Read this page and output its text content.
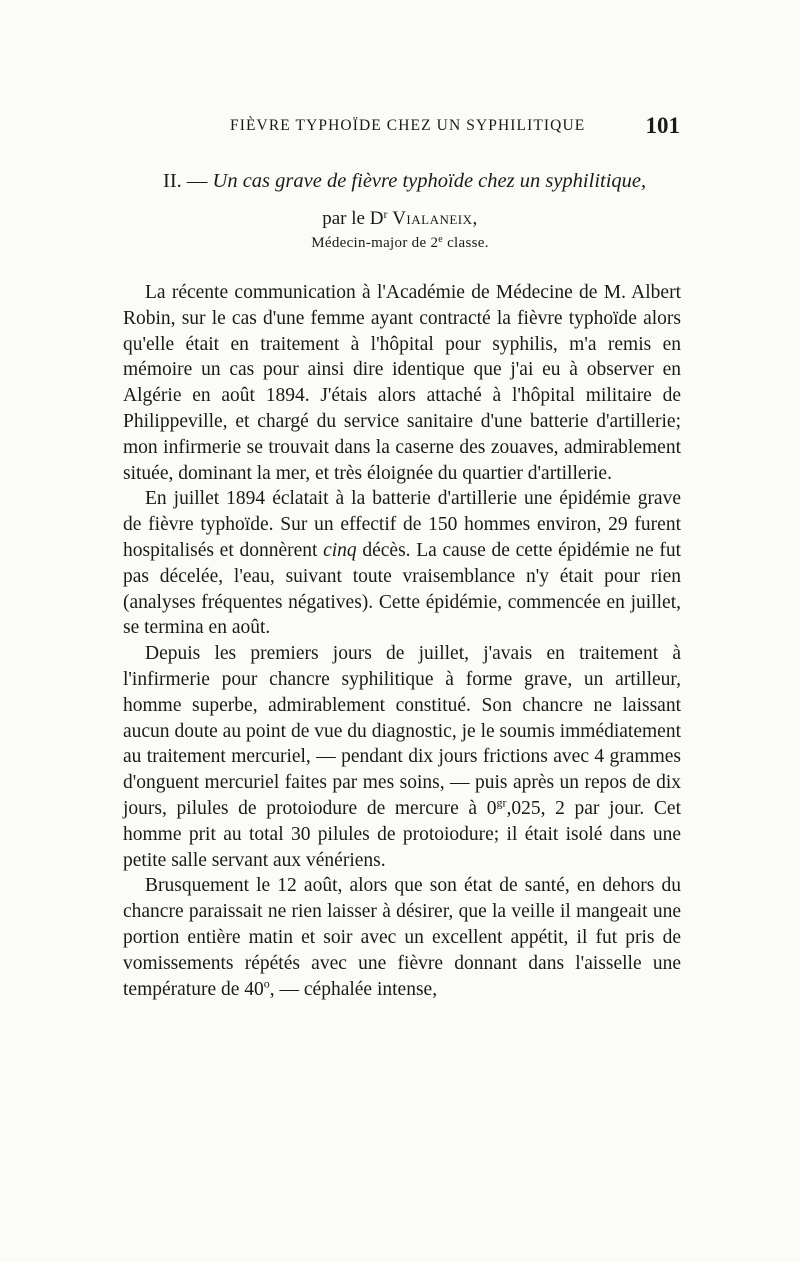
FIÈVRE TYPHOÏDE CHEZ UN SYPHILITIQUE	101
II. — Un cas grave de fièvre typhoïde chez un syphilitique,
par le $D^r$ Vialaneix,
Médecin-major de 2e classe.

La récente communication à l'Académie de Médecine de M. Albert Robin, sur le cas d'une femme ayant contracté la fièvre typhoïde alors qu'elle était en traitement à l'hôpital pour syphilis, m'a remis en mémoire un cas pour ainsi dire identique que j'ai eu à observer en Algérie en août 1894. J'étais alors attaché à l'hôpital militaire de Philippeville, et chargé du service sanitaire d'une batterie d'artillerie; mon infirmerie se trouvait dans la caserne des zouaves, admirablement située, dominant la mer, et très éloignée du quartier d'artillerie.

En juillet 1894 éclatait à la batterie d'artillerie une épidémie grave de fièvre typhoïde. Sur un effectif de 150 hommes environ, 29 furent hospitalisés et donnèrent cinq décès. La cause de cette épidémie ne fut pas décelée, l'eau, suivant toute vraisemblance n'y était pour rien (analyses fréquentes négatives). Cette épidémie, commencée en juillet, se termina en août.

Depuis les premiers jours de juillet, j'avais en traitement à l'infirmerie pour chancre syphilitique à forme grave, un artilleur, homme superbe, admirablement constitué. Son chancre ne laissant aucun doute au point de vue du diagnostic, je le soumis immédiatement au traitement mercuriel, — pendant dix jours frictions avec 4 grammes d'onguent mercuriel faites par mes soins, — puis après un repos de dix jours, pilules de protoiodure de mercure à $0^{gr},025$, 2 par jour. Cet homme prit au total 30 pilules de protoiodure; il était isolé dans une petite salle servant aux vénériens.

Brusquement le 12 août, alors que son état de santé, en dehors du chancre paraissait ne rien laisser à désirer, que la veille il mangeait une portion entière matin et soir avec un excellent appétit, il fut pris de vomissements répétés avec une fièvre donnant dans l'aisselle une température de 40$^o$, — céphalée intense,
